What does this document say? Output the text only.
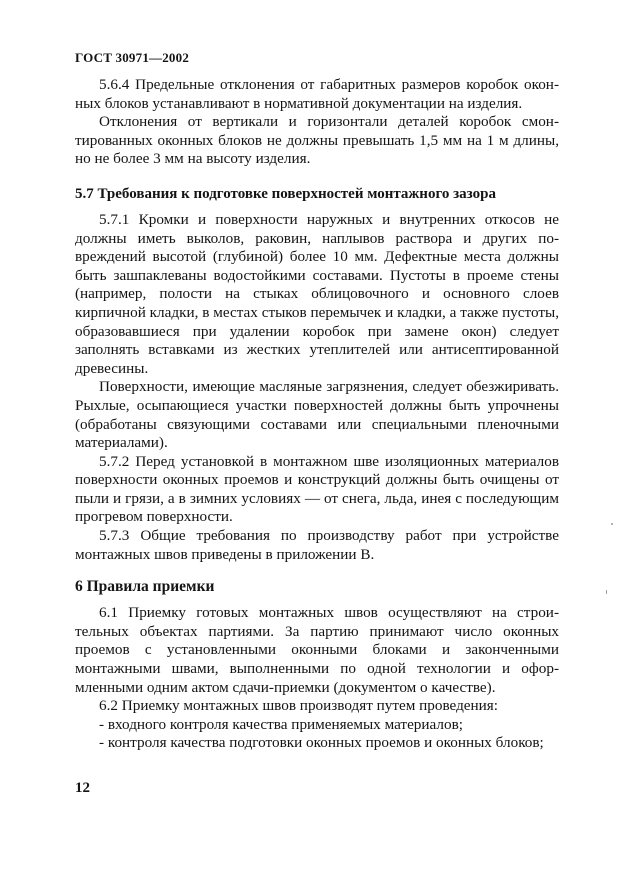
ГОСТ 30971—2002

5.6.4 Предельные отклонения от габаритных размеров коробок оконных блоков устанавливают в нормативной документации на изделия.

Отклонения от вертикали и горизонтали деталей коробок смонтированных оконных блоков не должны превышать 1,5 мм на 1 м длины, но не более 3 мм на высоту изделия.

5.7 Требования к подготовке поверхностей монтажного зазора

5.7.1 Кромки и поверхности наружных и внутренних откосов не должны иметь выколов, раковин, наплывов раствора и других повреждений высотой (глубиной) более 10 мм. Дефектные места должны быть зашпаклеваны водостойкими составами. Пустоты в проеме стены (например, полости на стыках облицовочного и основного слоев кирпичной кладки, в местах стыков перемычек и кладки, а также пустоты, образовавшиеся при удалении коробок при замене окон) следует заполнять вставками из жестких утеплителей или антисептированной древесины.

Поверхности, имеющие масляные загрязнения, следует обезжиривать. Рыхлые, осыпающиеся участки поверхностей должны быть упрочнены (обработаны связующими составами или специальными пленочными материалами).

5.7.2 Перед установкой в монтажном шве изоляционных материалов поверхности оконных проемов и конструкций должны быть очищены от пыли и грязи, а в зимних условиях — от снега, льда, инея с последующим прогревом поверхности.

5.7.3 Общие требования по производству работ при устройстве монтажных швов приведены в приложении В.

6 Правила приемки

6.1 Приемку готовых монтажных швов осуществляют на строительных объектах партиями. За партию принимают число оконных проемов с установленными оконными блоками и законченными монтажными швами, выполненными по одной технологии и оформленными одним актом сдачи-приемки (документом о качестве).

6.2 Приемку монтажных швов производят путем проведения:

- входного контроля качества применяемых материалов;

- контроля качества подготовки оконных проемов и оконных блоков;

12
